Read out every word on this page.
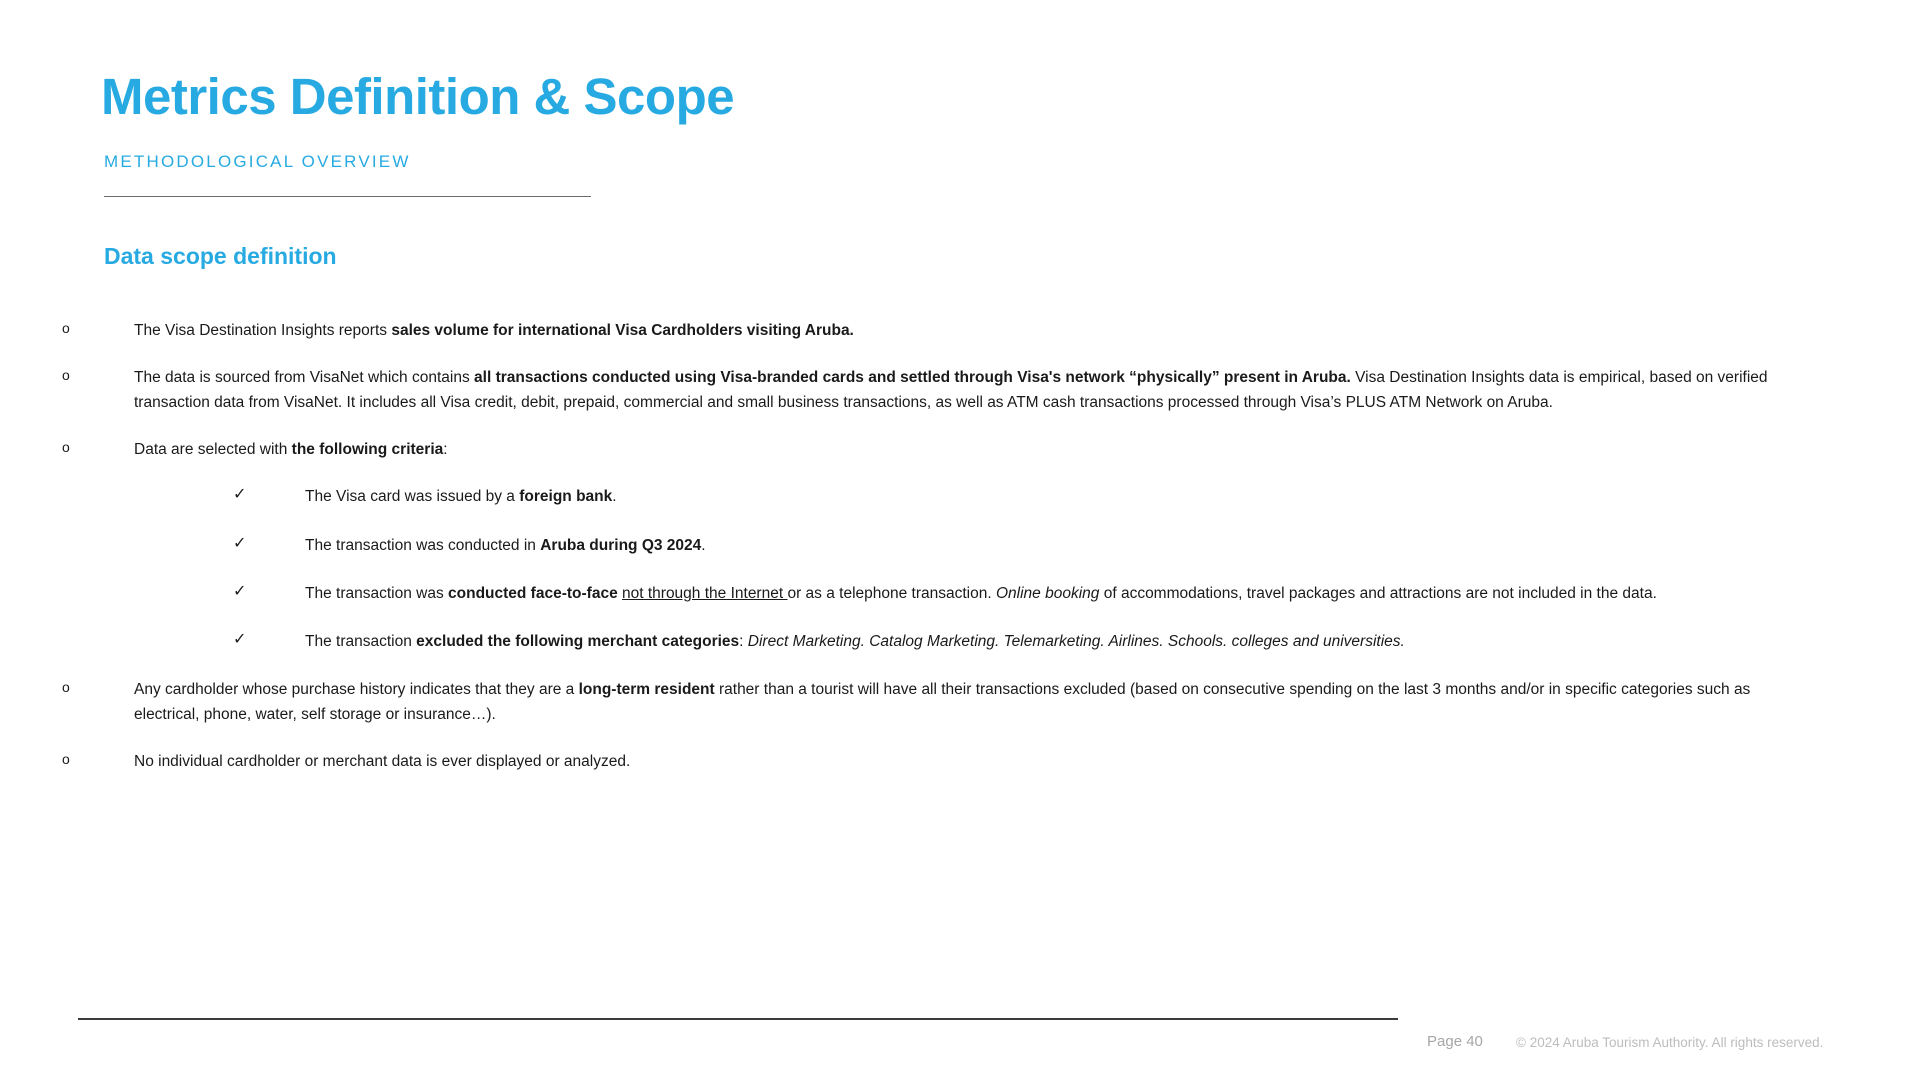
Metrics Definition & Scope
METHODOLOGICAL OVERVIEW
Data scope definition
o	The Visa Destination Insights reports sales volume for international Visa Cardholders visiting Aruba.
o	The data is sourced from VisaNet which contains all transactions conducted using Visa-branded cards and settled through Visa's network “physically” present in Aruba. Visa Destination Insights data is empirical, based on verified transaction data from VisaNet. It includes all Visa credit, debit, prepaid, commercial and small business transactions, as well as ATM cash transactions processed through Visa’s PLUS ATM Network on Aruba.
o	Data are selected with the following criteria:
✓	The Visa card was issued by a foreign bank.
✓	The transaction was conducted in Aruba during Q3 2024.
✓	The transaction was conducted face-to-face not through the Internet or as a telephone transaction. Online booking of accommodations, travel packages and attractions are not included in the data.
✓	The transaction excluded the following merchant categories: Direct Marketing. Catalog Marketing. Telemarketing. Airlines. Schools. colleges and universities.
o	Any cardholder whose purchase history indicates that they are a long-term resident rather than a tourist will have all their transactions excluded (based on consecutive spending on the last 3 months and/or in specific categories such as electrical, phone, water, self storage or insurance…).
o	No individual cardholder or merchant data is ever displayed or analyzed.
Page 40 © 2024 Aruba Tourism Authority. All rights reserved.
